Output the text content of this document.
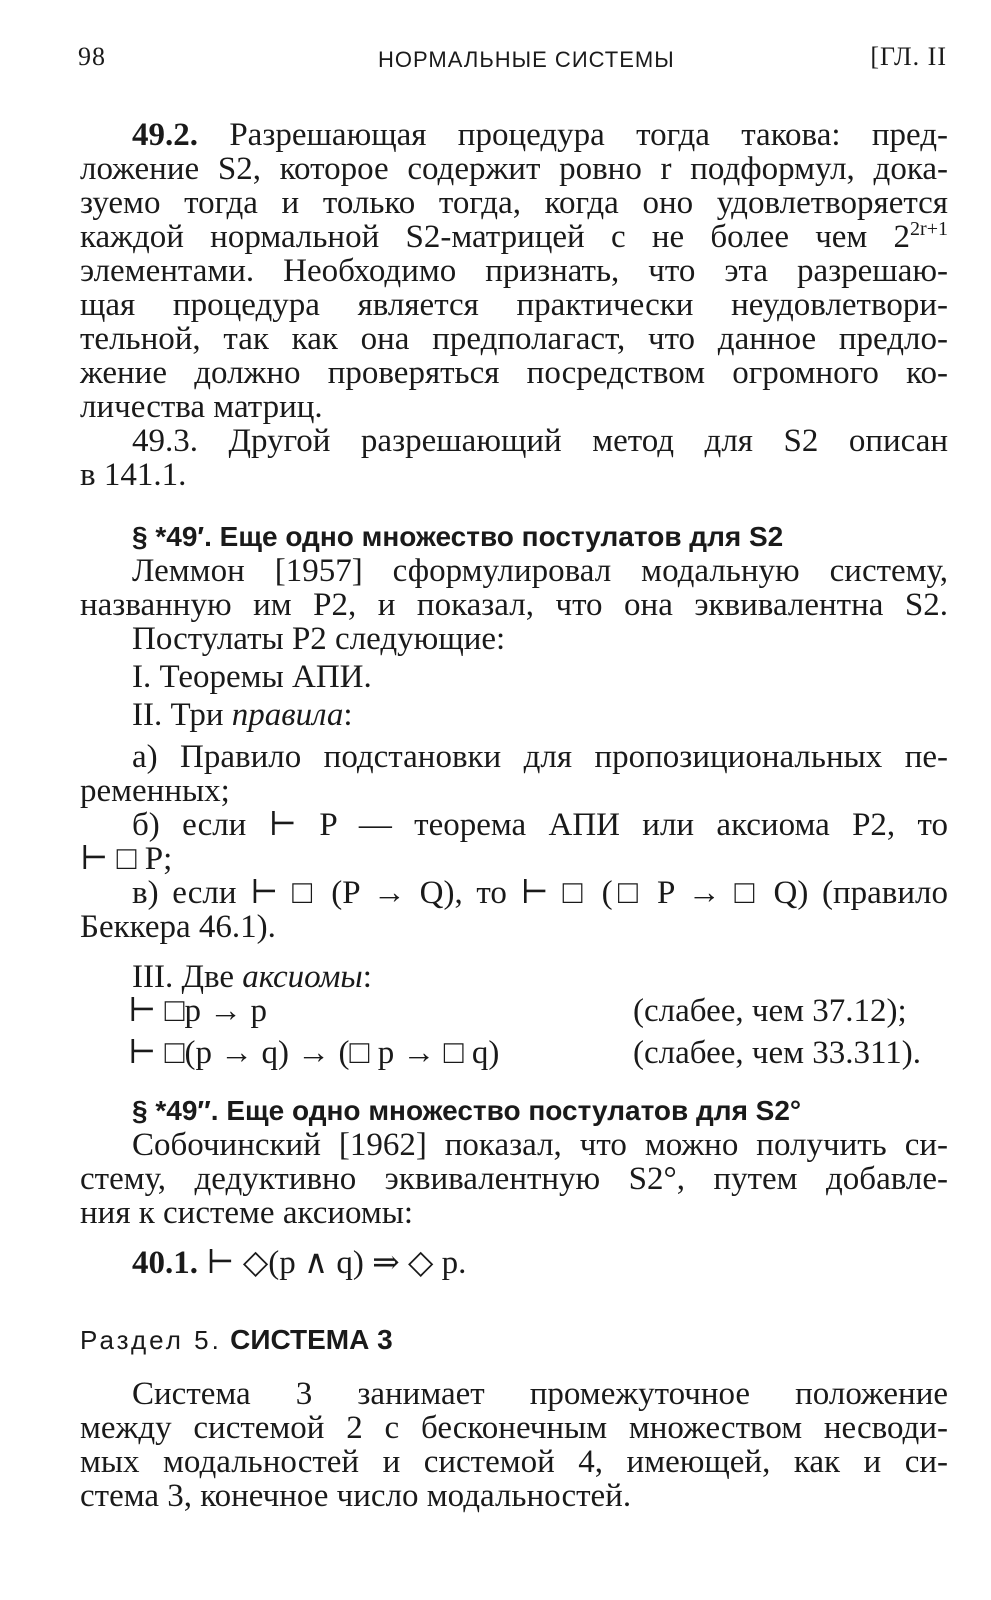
98	НОРМАЛЬНЫЕ СИСТЕМЫ	[ГЛ. II
49.2. Разрешающая процедура тогда такова: пред-
ложение S2, которое содержит ровно r подформул, дока-
зуемо тогда и только тогда, когда оно удовлетворяется
каждой нормальной S2-матрицей с не более чем $2^{2r+1}$
элементами. Необходимо признать, что эта разрешаю-
щая процедура является практически неудовлетвори-
тельной, так как она предполагаст, что данное предло-
жение должно проверяться посредством огромного ко-
личества матриц.
49.3. Другой разрешающий метод для S2 описан
в 141.1.
§ *49′. Еще одно множество постулатов для S2
Леммон [1957] сформулировал модальную систему,
названную им P2, и показал, что она эквивалентна S2.
Постулаты P2 следующие:
I. Теоремы АПИ.
II. Три правила:
а) Правило подстановки для пропозициональных пе-
ременных;
б) если ⊢ P — теорема АПИ или аксиома P2, то
⊢ □ P;
в) если ⊢ □ (P → Q), то ⊢ □ (□ P → □ Q) (правило
Беккера 46.1).
III. Две аксиомы:
⊢ □p → p	(слабее, чем 37.12);
⊢ □(p → q) → (□ p → □ q)	(слабее, чем 33.311).
§ *49″. Еще одно множество постулатов для S2°
Собочинский [1962] показал, что можно получить си-
стему, дедуктивно эквивалентную S2°, путем добавле-
ния к системе аксиомы:
40.1. ⊢ ◇(p ∧ q) ⇒ ◇ p.
Раздел 5. СИСТЕМА 3
Система 3 занимает промежуточное положение
между системой 2 с бесконечным множеством несводи-
мых модальностей и системой 4, имеющей, как и си-
стема 3, конечное число модальностей.
